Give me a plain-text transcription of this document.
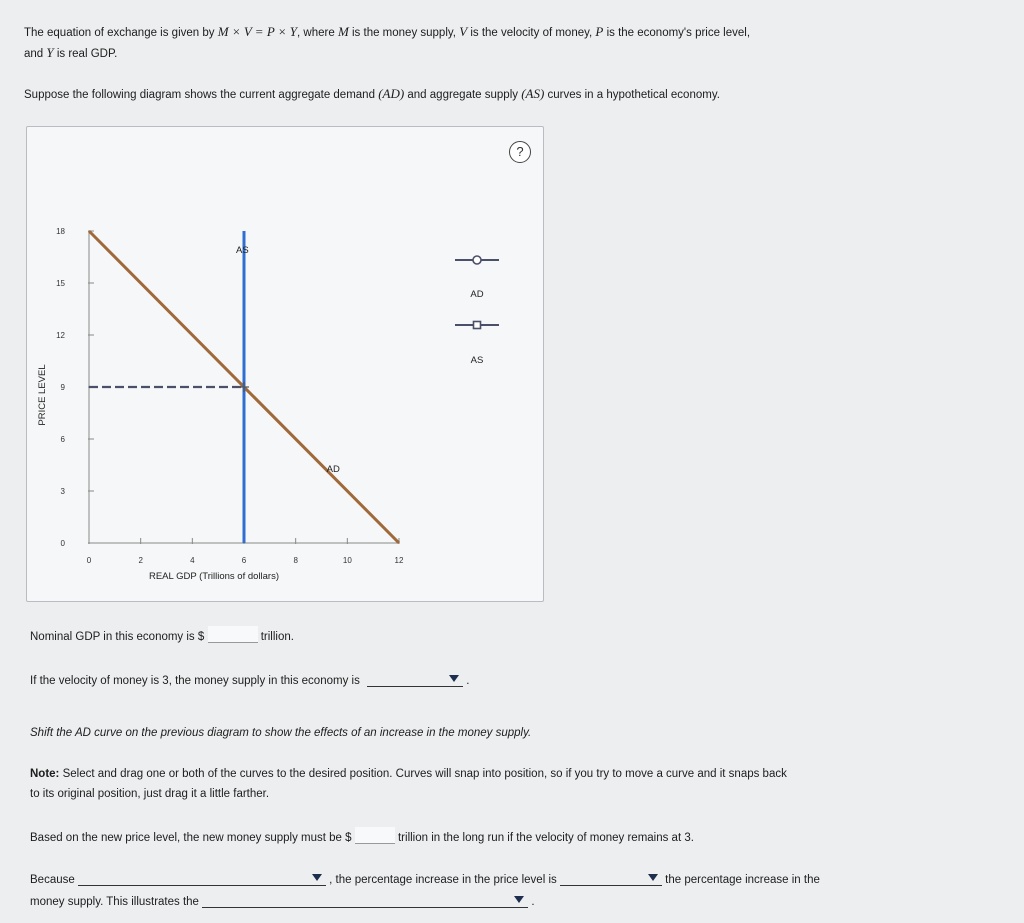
The equation of exchange is given by M × V = P × Y, where M is the money supply, V is the velocity of money, P is the economy's price level,
and Y is real GDP.
Suppose the following diagram shows the current aggregate demand (AD) and aggregate supply (AS) curves in a hypothetical economy.
?
0
3
6
9
12
15
18
0	2	4	6	8	10	12
REAL GDP (Trillions of dollars)
PRICE LEVEL
AS
AD
AD
AS
Nominal GDP in this economy is $	trillion.
If the velocity of money is 3, the money supply in this economy is	.
Shift the AD curve on the previous diagram to show the effects of an increase in the money supply.
Note: Select and drag one or both of the curves to the desired position. Curves will snap into position, so if you try to move a curve and it snaps back
to its original position, just drag it a little farther.
Based on the new price level, the new money supply must be $	trillion in the long run if the velocity of money remains at 3.
Because	, the percentage increase in the price level is	the percentage increase in the
money supply. This illustrates the	.
